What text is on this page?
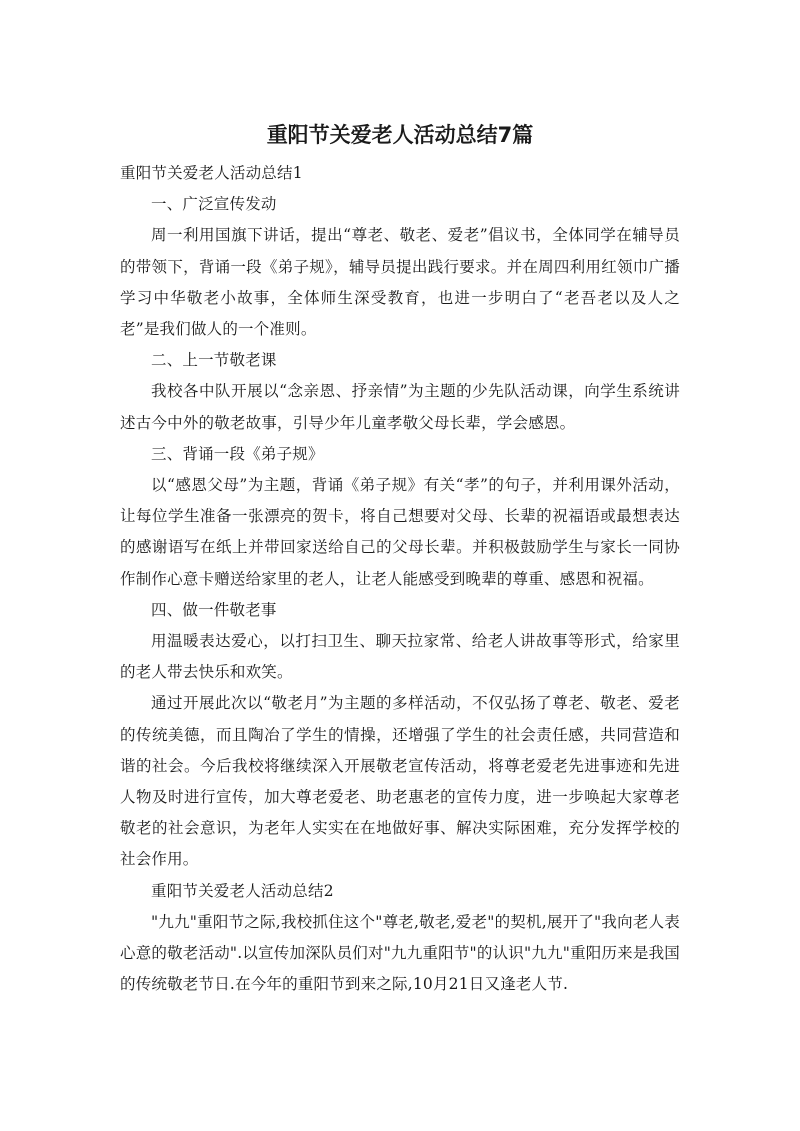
重阳节关爱老人活动总结7篇

重阳节关爱老人活动总结1

一、广泛宣传发动

周一利用国旗下讲话，提出“尊老、敬老、爱老”倡议书，全体同学在辅导员的带领下，背诵一段《弟子规》，辅导员提出践行要求。并在周四利用红领巾广播学习中华敬老小故事，全体师生深受教育，也进一步明白了“老吾老以及人之老”是我们做人的一个准则。

二、上一节敬老课

我校各中队开展以“念亲恩、抒亲情”为主题的少先队活动课，向学生系统讲述古今中外的敬老故事，引导少年儿童孝敬父母长辈，学会感恩。

三、背诵一段《弟子规》

以“感恩父母”为主题，背诵《弟子规》有关“孝”的句子，并利用课外活动，让每位学生准备一张漂亮的贺卡，将自己想要对父母、长辈的祝福语或最想表达的感谢语写在纸上并带回家送给自己的父母长辈。并积极鼓励学生与家长一同协作制作心意卡赠送给家里的老人，让老人能感受到晚辈的尊重、感恩和祝福。

四、做一件敬老事

用温暖表达爱心，以打扫卫生、聊天拉家常、给老人讲故事等形式，给家里的老人带去快乐和欢笑。

通过开展此次以“敬老月”为主题的多样活动，不仅弘扬了尊老、敬老、爱老的传统美德，而且陶冶了学生的情操，还增强了学生的社会责任感，共同营造和谐的社会。今后我校将继续深入开展敬老宣传活动，将尊老爱老先进事迹和先进人物及时进行宣传，加大尊老爱老、助老惠老的宣传力度，进一步唤起大家尊老敬老的社会意识，为老年人实实在在地做好事、解决实际困难，充分发挥学校的社会作用。

重阳节关爱老人活动总结2

"九九"重阳节之际,我校抓住这个"尊老,敬老,爱老"的契机,展开了"我向老人表心意的敬老活动".以宣传加深队员们对"九九重阳节"的认识"九九"重阳历来是我国的传统敬老节日.在今年的重阳节到来之际,10月21日又逢老人节.
